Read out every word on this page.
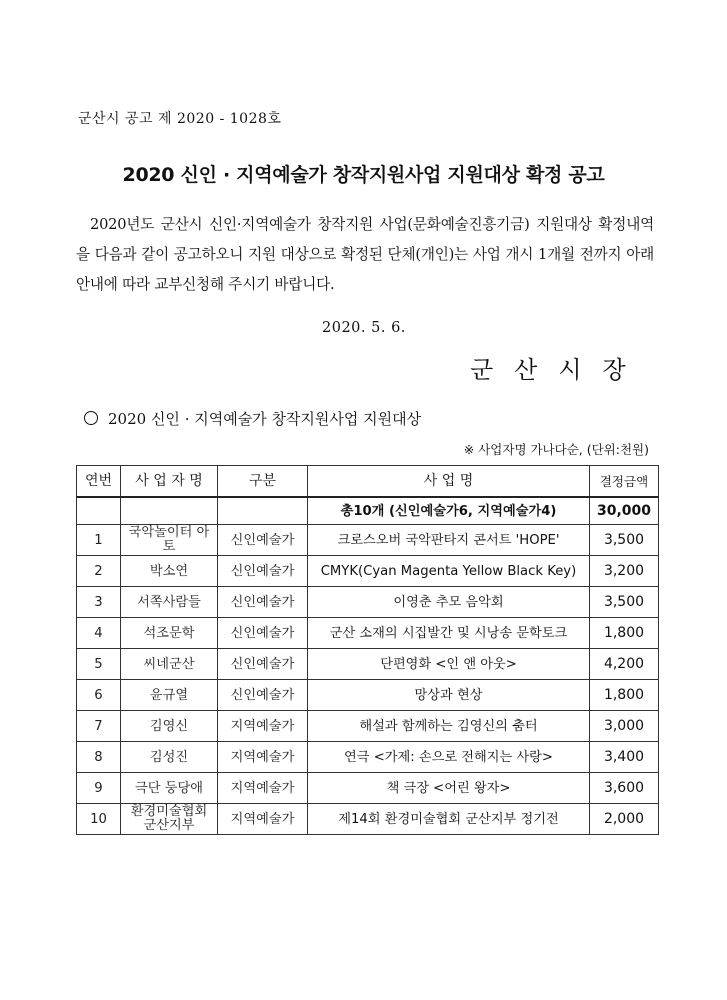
군산시 공고 제 2020 - 1028호
2020 신인 · 지역예술가 창작지원사업 지원대상 확정 공고
2020년도 군산시 신인·지역예술가 창작지원 사업(문화예술진흥기금) 지원대상 확정내역을 다음과 같이 공고하오니 지원 대상으로 확정된 단체(개인)는 사업 개시 1개월 전까지 아래 안내에 따라 교부신청해 주시기 바랍니다.
2020. 5. 6.
군산시장
2020 신인 · 지역예술가 창작지원사업 지원대상
※ 사업자명 가나다순, (단위:천원)
연번	사 업 자 명	구분	사 업 명	결정금액
			총10개 (신인예술가6, 지역예술가4)	30,000
1	국악놀이터 아토	신인예술가	크로스오버 국악판타지 콘서트 'HOPE'	3,500
2	박소연	신인예술가	CMYK(Cyan Magenta Yellow Black Key)	3,200
3	서쪽사람들	신인예술가	이영춘 추모 음악회	3,500
4	석조문학	신인예술가	군산 소재의 시집발간 및 시낭송 문학토크	1,800
5	씨네군산	신인예술가	단편영화 <인 앤 아웃>	4,200
6	윤규열	신인예술가	망상과 현상	1,800
7	김영신	지역예술가	해설과 함께하는 김영신의 춤터	3,000
8	김성진	지역예술가	연극 <가제: 손으로 전해지는 사랑>	3,400
9	극단 둥당애	지역예술가	책 극장 <어린 왕자>	3,600
10	환경미술협회 군산지부	지역예술가	제14회 환경미술협회 군산지부 정기전	2,000
